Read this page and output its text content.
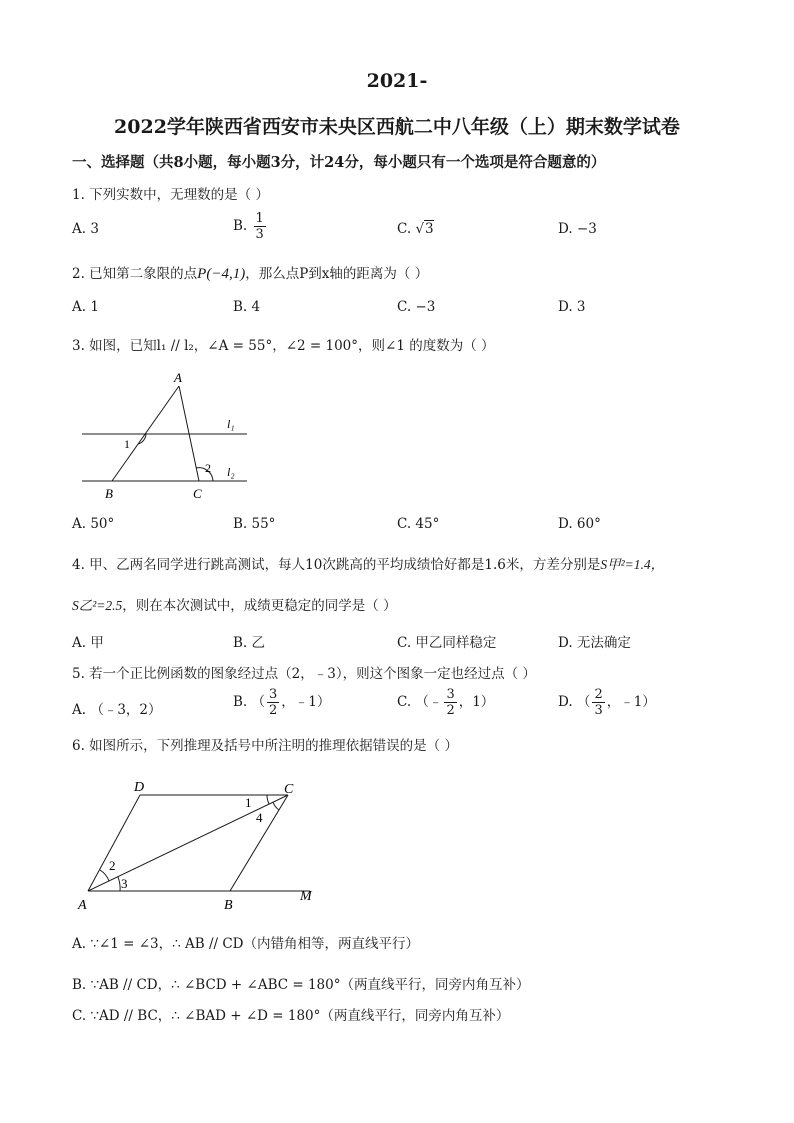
2021-
2022学年陕西省西安市未央区西航二中八年级（上）期末数学试卷
一、选择题（共8小题，每小题3分，计24分，每小题只有一个选项是符合题意的）
1. 下列实数中，无理数的是（ ）
A. 3	B. $\frac{1}{3}$	C. √3	D. −3
2. 已知第二象限的点P(−4,1)，那么点P到x轴的距离为（ ）
A. 1	B. 4	C. −3	D. 3
3. 如图，已知l₁ // l₂，∠A = 55°，∠2 = 100°，则∠1 的度数为（ ）
A
B	C
l₁
l₂
1
2
A. 50°	B. 55°	C. 45°	D. 60°
4. 甲、乙两名同学进行跳高测试，每人10次跳高的平均成绩恰好都是1.6米，方差分别是S甲²=1.4，
S乙²=2.5，则在本次测试中，成绩更稳定的同学是（ ）
A. 甲	B. 乙	C. 甲乙同样稳定	D. 无法确定
5. 若一个正比例函数的图象经过点（2，﹣3），则这个图象一定也经过点（ ）
A. （﹣3，2）	B. （ $\frac{3}{2}$ ，﹣1）	C. （﹣ $\frac{3}{2}$ ，1）	D. （ $\frac{2}{3}$ ，﹣1）
6. 如图所示，下列推理及括号中所注明的推理依据错误的是（ ）
D	C
A	B
M
1
2
3
4
A. ∵∠1 = ∠3，∴ AB // CD（内错角相等，两直线平行）
B. ∵AB // CD，∴ ∠BCD + ∠ABC = 180°（两直线平行，同旁内角互补）
C. ∵AD // BC，∴ ∠BAD + ∠D = 180°（两直线平行，同旁内角互补）
